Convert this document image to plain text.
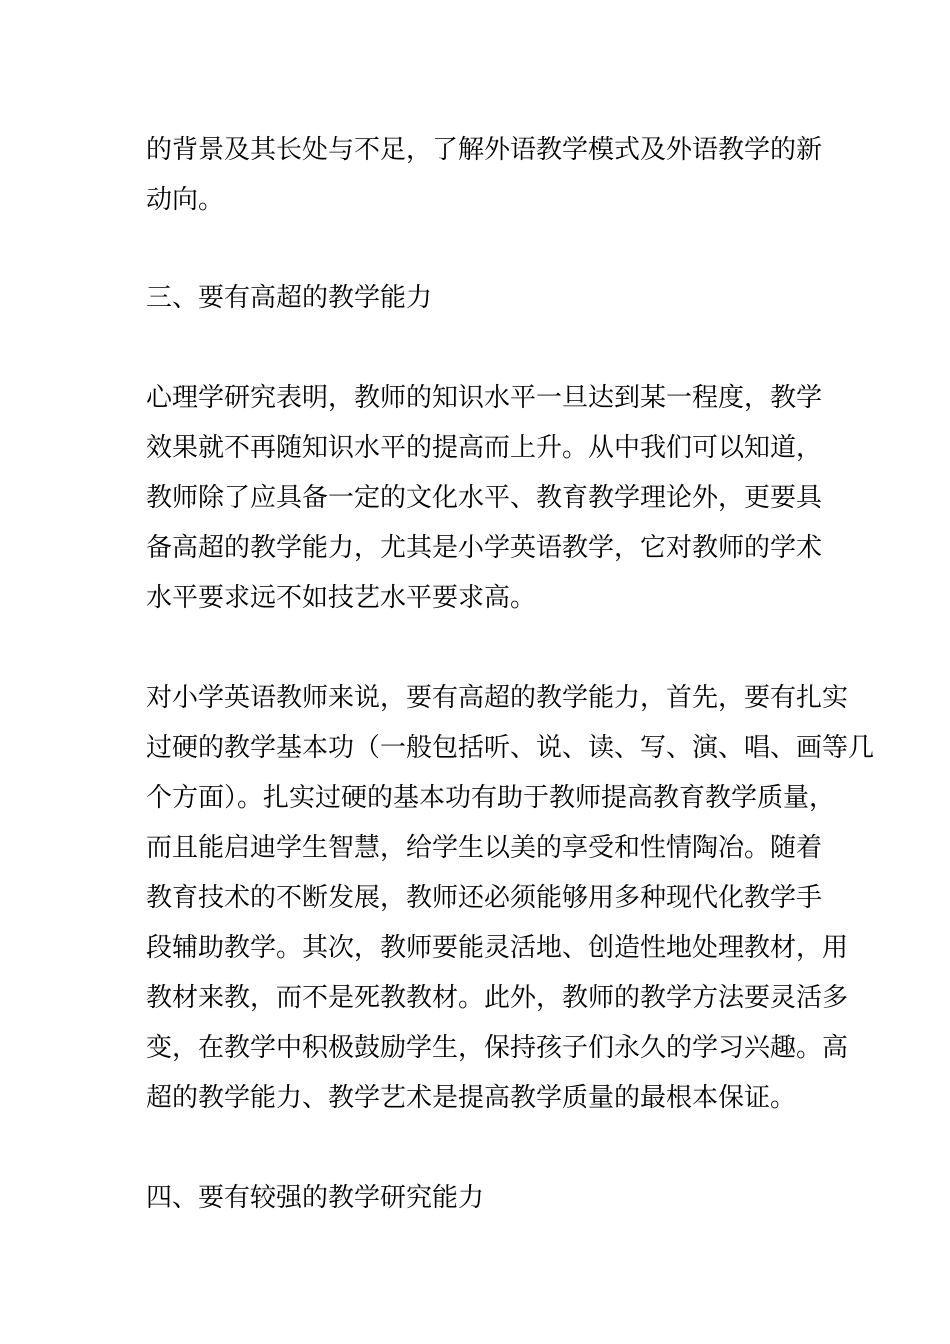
的背景及其长处与不足，了解外语教学模式及外语教学的新
动向。
三、要有高超的教学能力
心理学研究表明，教师的知识水平一旦达到某一程度，教学
效果就不再随知识水平的提高而上升。从中我们可以知道，
教师除了应具备一定的文化水平、教育教学理论外，更要具
备高超的教学能力，尤其是小学英语教学，它对教师的学术
水平要求远不如技艺水平要求高。
对小学英语教师来说，要有高超的教学能力，首先，要有扎实
过硬的教学基本功（一般包括听、说、读、写、演、唱、画等几
个方面）。扎实过硬的基本功有助于教师提高教育教学质量，
而且能启迪学生智慧，给学生以美的享受和性情陶冶。随着
教育技术的不断发展，教师还必须能够用多种现代化教学手
段辅助教学。其次，教师要能灵活地、创造性地处理教材，用
教材来教，而不是死教教材。此外，教师的教学方法要灵活多
变，在教学中积极鼓励学生，保持孩子们永久的学习兴趣。高
超的教学能力、教学艺术是提高教学质量的最根本保证。
四、要有较强的教学研究能力
